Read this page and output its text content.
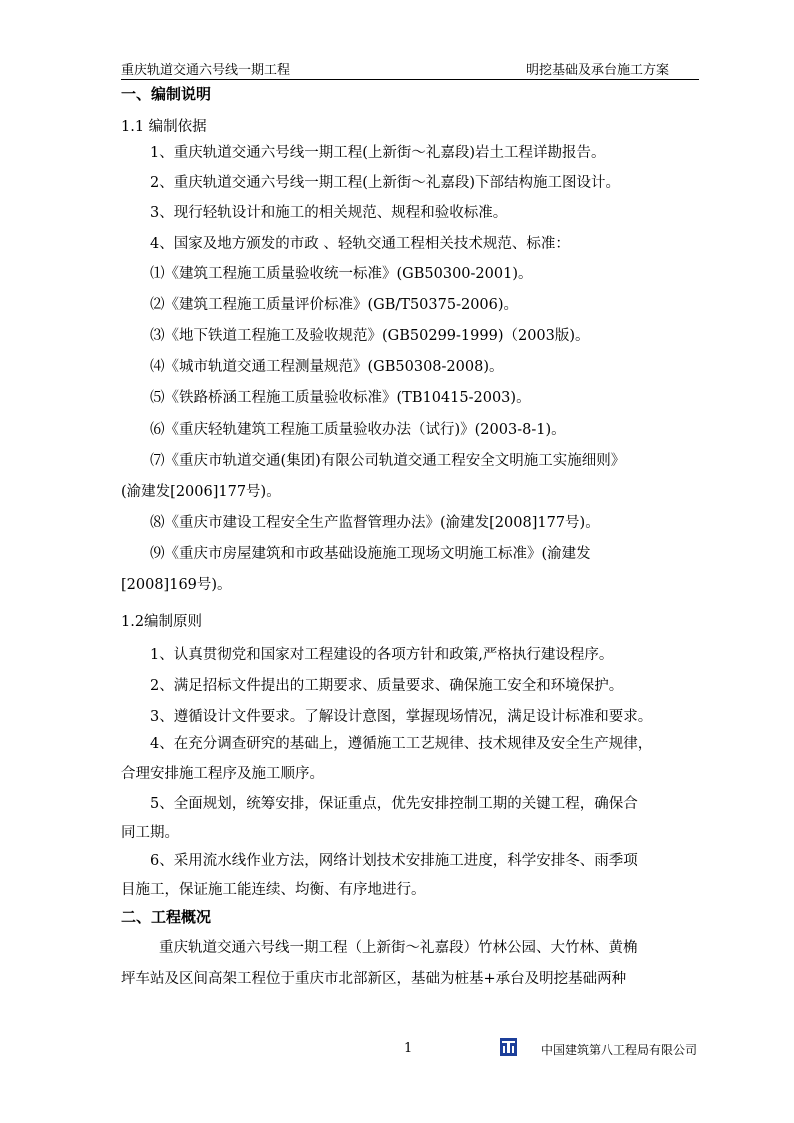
重庆轨道交通六号线一期工程	明挖基础及承台施工方案
一、编制说明
1.1 编制依据
1、重庆轨道交通六号线一期工程(上新街～礼嘉段)岩土工程详勘报告。
2、重庆轨道交通六号线一期工程(上新街～礼嘉段)下部结构施工图设计。
3、现行轻轨设计和施工的相关规范、规程和验收标准。
4、国家及地方颁发的市政 、轻轨交通工程相关技术规范、标准：
⑴《建筑工程施工质量验收统一标准》(GB50300-2001)。
⑵《建筑工程施工质量评价标准》(GB/T50375-2006)。
⑶《地下铁道工程施工及验收规范》(GB50299-1999)（2003版)。
⑷《城市轨道交通工程测量规范》(GB50308-2008)。
⑸《铁路桥涵工程施工质量验收标准》(TB10415-2003)。
⑹《重庆轻轨建筑工程施工质量验收办法（试行)》(2003-8-1)。
⑺《重庆市轨道交通(集团)有限公司轨道交通工程安全文明施工实施细则》
(渝建发[2006]177号)。
⑻《重庆市建设工程安全生产监督管理办法》(渝建发[2008]177号)。
⑼《重庆市房屋建筑和市政基础设施施工现场文明施工标准》(渝建发
[2008]169号)。
1.2编制原则
1、认真贯彻党和国家对工程建设的各项方针和政策,严格执行建设程序。
2、满足招标文件提出的工期要求、质量要求、确保施工安全和环境保护。
3、遵循设计文件要求。了解设计意图，掌握现场情况，满足设计标准和要求。
4、在充分调查研究的基础上，遵循施工工艺规律、技术规律及安全生产规律，
合理安排施工程序及施工顺序。
5、全面规划，统筹安排，保证重点，优先安排控制工期的关键工程，确保合
同工期。
6、采用流水线作业方法，网络计划技术安排施工进度，科学安排冬、雨季项
目施工，保证施工能连续、均衡、有序地进行。
二、工程概况
重庆轨道交通六号线一期工程（上新街～礼嘉段）竹林公园、大竹林、黄桷
坪车站及区间高架工程位于重庆市北部新区，基础为桩基+承台及明挖基础两种
1	中国建筑第八工程局有限公司
